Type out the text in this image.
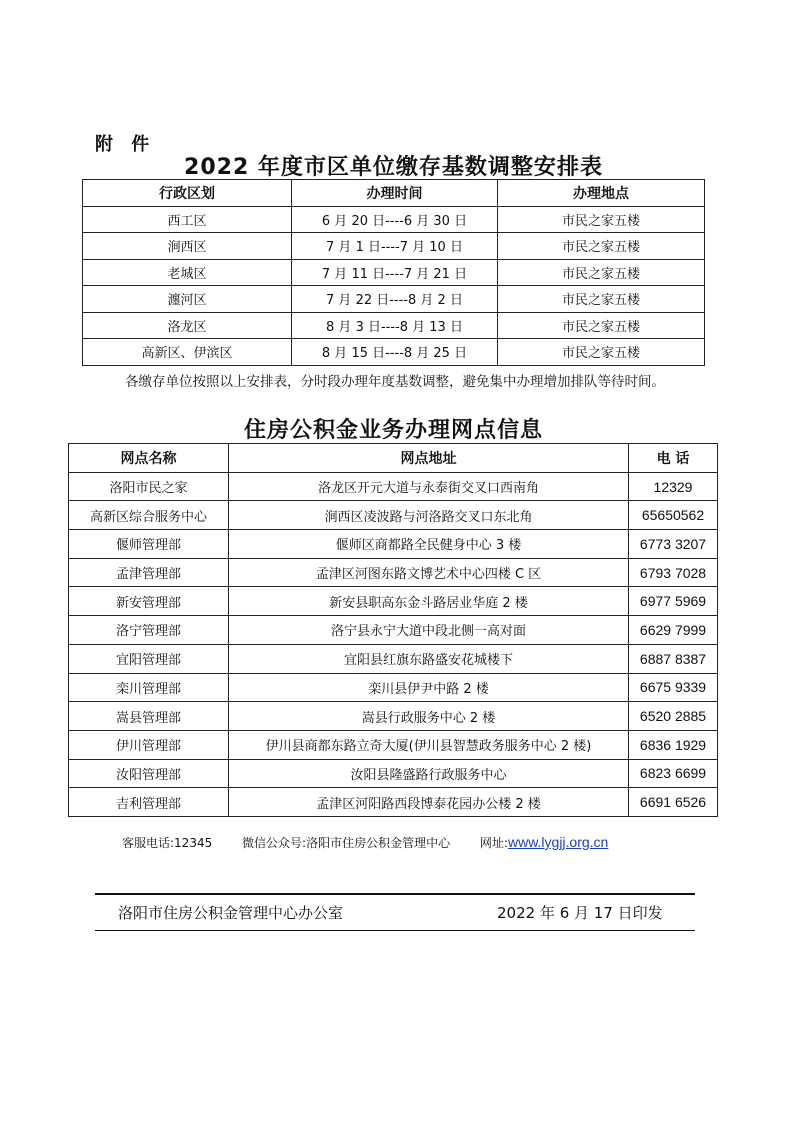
附 件
2022 年度市区单位缴存基数调整安排表
行政区划	办理时间	办理地点
西工区	6 月 20 日----6 月 30 日	市民之家五楼
涧西区	7 月 1 日----7 月 10 日	市民之家五楼
老城区	7 月 11 日----7 月 21 日	市民之家五楼
瀍河区	7 月 22 日----8 月 2 日	市民之家五楼
洛龙区	8 月 3 日----8 月 13 日	市民之家五楼
高新区、伊滨区	8 月 15 日----8 月 25 日	市民之家五楼
各缴存单位按照以上安排表，分时段办理年度基数调整，避免集中办理增加排队等待时间。
住房公积金业务办理网点信息
网点名称	网点地址	电 话
洛阳市民之家	洛龙区开元大道与永泰街交叉口西南角	12329
高新区综合服务中心	涧西区凌波路与河洛路交叉口东北角	65650562
偃师管理部	偃师区商都路全民健身中心 3 楼	6773 3207
孟津管理部	孟津区河图东路文博艺术中心四楼 C 区	6793 7028
新安管理部	新安县职高东金斗路居业华庭 2 楼	6977 5969
洛宁管理部	洛宁县永宁大道中段北侧一高对面	6629 7999
宜阳管理部	宜阳县红旗东路盛安花城楼下	6887 8387
栾川管理部	栾川县伊尹中路 2 楼	6675 9339
嵩县管理部	嵩县行政服务中心 2 楼	6520 2885
伊川管理部	伊川县商都东路立奇大厦(伊川县智慧政务服务中心 2 楼)	6836 1929
汝阳管理部	汝阳县隆盛路行政服务中心	6823 6699
吉利管理部	孟津区河阳路西段博泰花园办公楼 2 楼	6691 6526
客服电话:12345 微信公众号:洛阳市住房公积金管理中心 网址:www.lygjj.org.cn
洛阳市住房公积金管理中心办公室	2022 年 6 月 17 日印发
